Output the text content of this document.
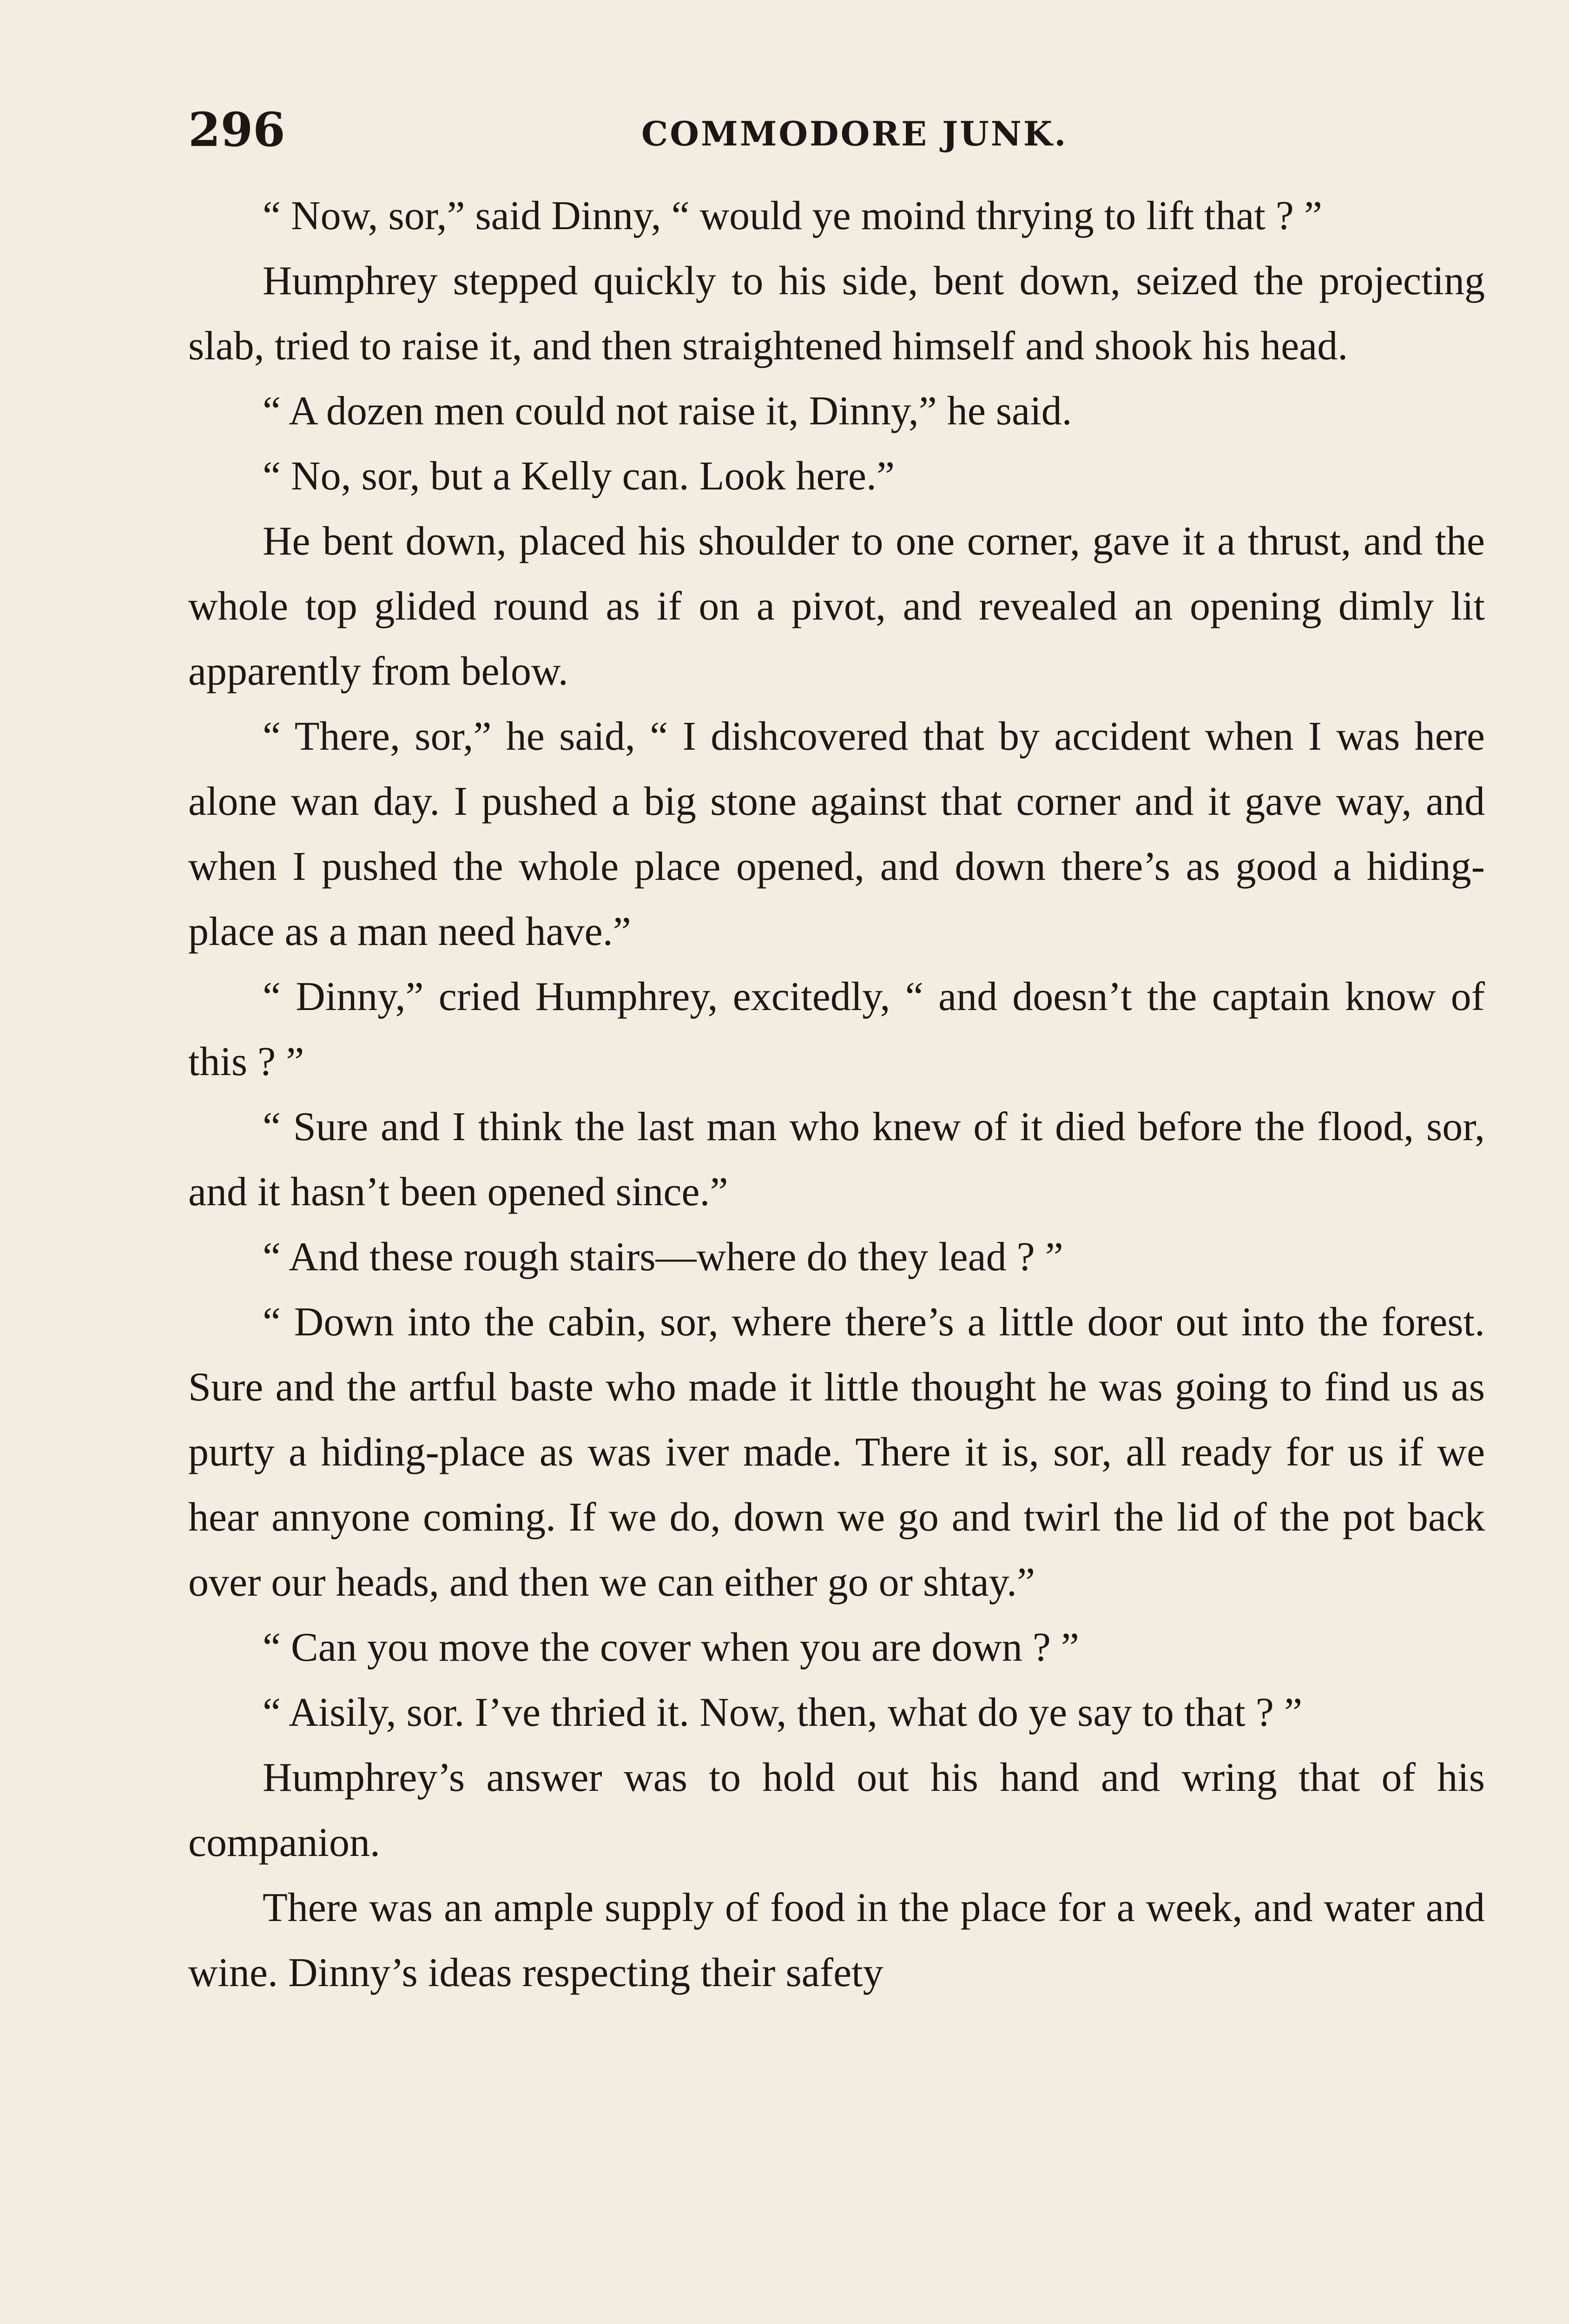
296	COMMODORE JUNK.

“ Now, sor,” said Dinny, “ would ye moind thrying to lift that ? ”

Humphrey stepped quickly to his side, bent down, seized the projecting slab, tried to raise it, and then straightened himself and shook his head.

“ A dozen men could not raise it, Dinny,” he said.

“ No, sor, but a Kelly can. Look here.”

He bent down, placed his shoulder to one corner, gave it a thrust, and the whole top glided round as if on a pivot, and revealed an opening dimly lit apparently from below.

“ There, sor,” he said, “ I dishcovered that by accident when I was here alone wan day. I pushed a big stone against that corner and it gave way, and when I pushed the whole place opened, and down there’s as good a hiding-place as a man need have.”

“ Dinny,” cried Humphrey, excitedly, “ and doesn’t the captain know of this ? ”

“ Sure and I think the last man who knew of it died before the flood, sor, and it hasn’t been opened since.”

“ And these rough stairs—where do they lead ? ”

“ Down into the cabin, sor, where there’s a little door out into the forest. Sure and the artful baste who made it little thought he was going to find us as purty a hiding-place as was iver made. There it is, sor, all ready for us if we hear annyone coming. If we do, down we go and twirl the lid of the pot back over our heads, and then we can either go or shtay.”

“ Can you move the cover when you are down ? ”

“ Aisily, sor. I’ve thried it. Now, then, what do ye say to that ? ”

Humphrey’s answer was to hold out his hand and wring that of his companion.

There was an ample supply of food in the place for a week, and water and wine. Dinny’s ideas respecting their safety
